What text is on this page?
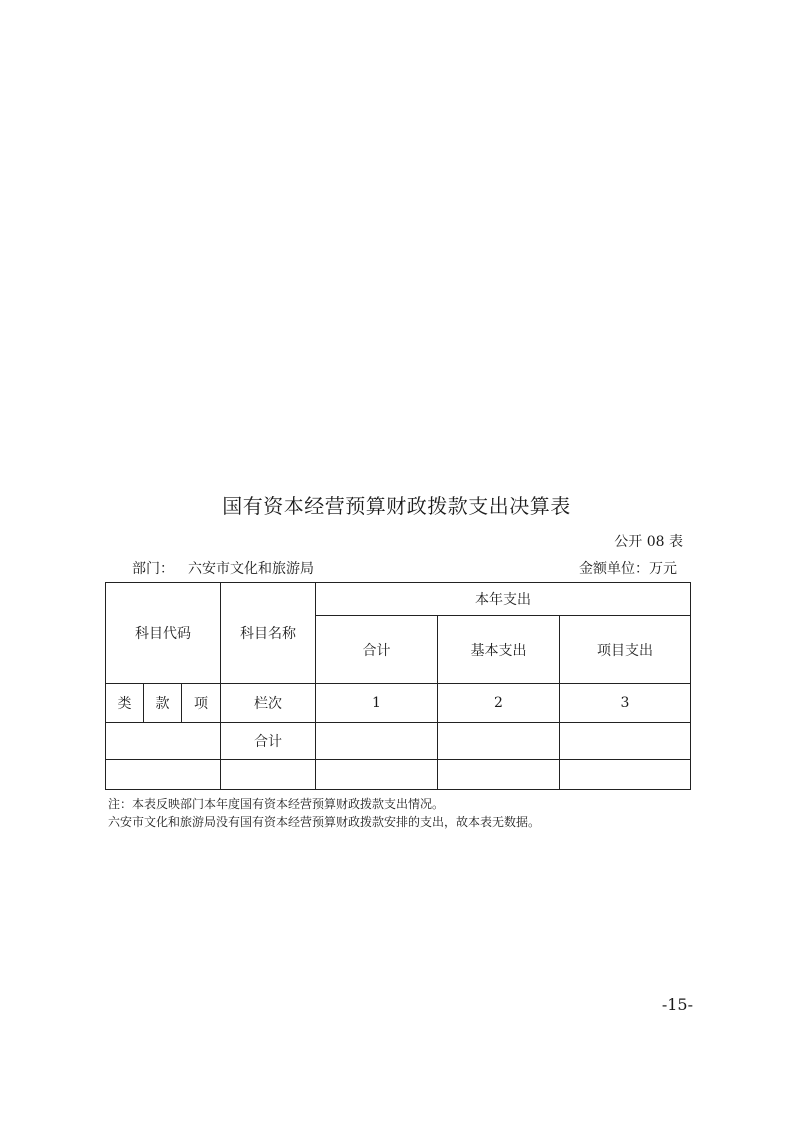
国有资本经营预算财政拨款支出决算表
公开 08 表
部门： 六安市文化和旅游局	金额单位：万元
科目代码			科目名称	本年支出		
				合计	基本支出	项目支出
类	款	项	栏次	1	2	3
			合计			

注：本表反映部门本年度国有资本经营预算财政拨款支出情况。
六安市文化和旅游局没有国有资本经营预算财政拨款安排的支出，故本表无数据。
-15-
